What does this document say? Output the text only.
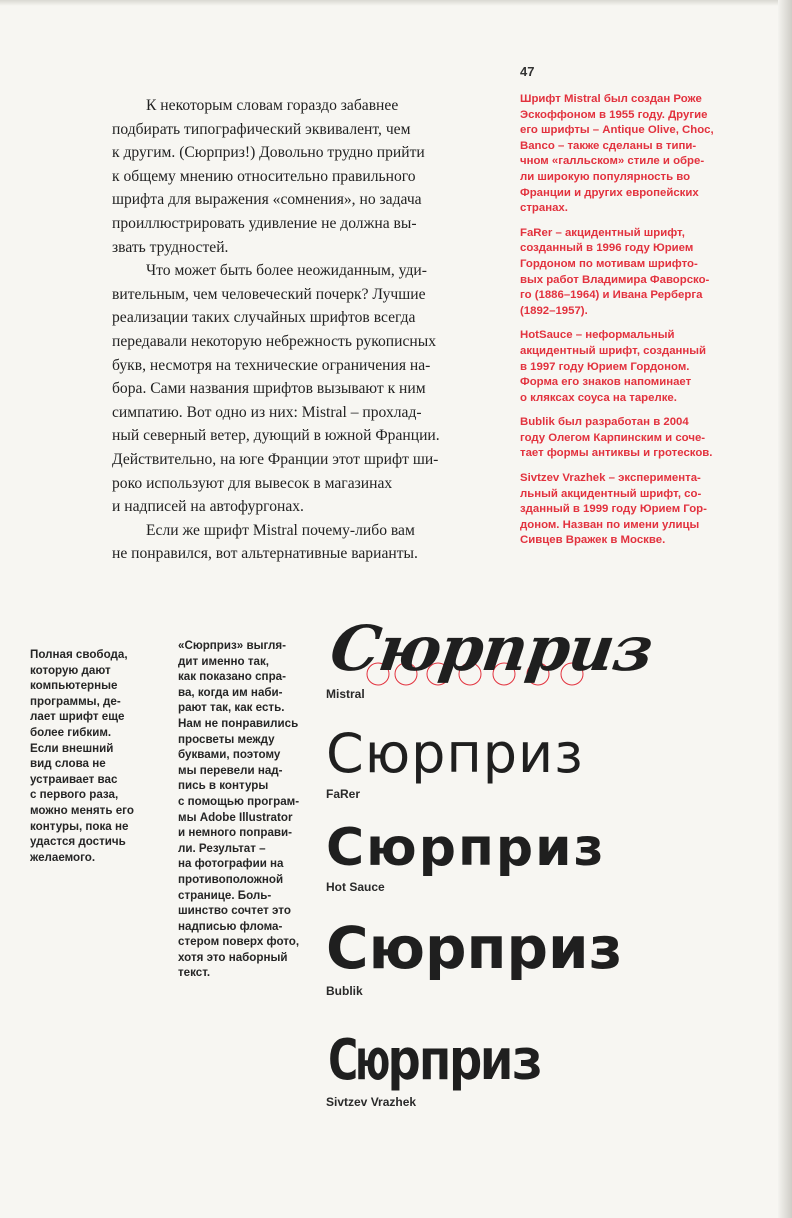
47
К некоторым словам гораздо забавнее
подбирать типографический эквивалент, чем
к другим. (Сюрприз!) Довольно трудно прийти
к общему мнению относительно правильного
шрифта для выражения «сомнения», но задача
проиллюстрировать удивление не должна вы-
звать трудностей.
Что может быть более неожиданным, уди-
вительным, чем человеческий почерк? Лучшие
реализации таких случайных шрифтов всегда
передавали некоторую небрежность рукописных
букв, несмотря на технические ограничения на-
бора. Сами названия шрифтов вызывают к ним
симпатию. Вот одно из них: Mistral – прохлад-
ный северный ветер, дующий в южной Франции.
Действительно, на юге Франции этот шрифт ши-
роко используют для вывесок в магазинах
и надписей на автофургонах.
Если же шрифт Mistral почему-либо вам
не понравился, вот альтернативные варианты.
Шрифт Mistral был создан Роже
Эскоффоном в 1955 году. Другие
его шрифты – Antique Olive, Choc,
Banco – также сделаны в типи-
чном «галльском» стиле и обре-
ли широкую популярность во
Франции и других европейских
странах.
FaRer – акцидентный шрифт,
созданный в 1996 году Юрием
Гордоном по мотивам шрифто-
вых работ Владимира Фаворско-
го (1886–1964) и Ивана Рерберга
(1892–1957).
HotSauce – неформальный
акцидентный шрифт, созданный
в 1997 году Юрием Гордоном.
Форма его знаков напоминает
о кляксах соуса на тарелке.
Bublik был разработан в 2004
году Олегом Карпинским и соче-
тает формы антиквы и гротесков.
Sivtzev Vrazhek – эксперимента-
льный акцидентный шрифт, со-
зданный в 1999 году Юрием Гор-
доном. Назван по имени улицы
Сивцев Вражек в Москве.
Полная свобода,
которую дают
компьютерные
программы, де-
лает шрифт еще
более гибким.
Если внешний
вид слова не
устраивает вас
с первого раза,
можно менять его
контуры, пока не
удастся достичь
желаемого.
«Сюрприз» выгля-
дит именно так,
как показано спра-
ва, когда им наби-
рают так, как есть.
Нам не понравились
просветы между
буквами, поэтому
мы перевели над-
пись в контуры
с помощью програм-
мы Adobe Illustrator
и немного поправи-
ли. Результат –
на фотографии на
противоположной
странице. Боль-
шинство сочтет это
надписью флома-
стером поверх фото,
хотя это наборный
текст.
Сюрприз
Mistral
Сюрприз
FaRer
Сюрприз
Hot Sauce
Сюрприз
Bublik
Сюрприз
Sivtzev Vrazhek
